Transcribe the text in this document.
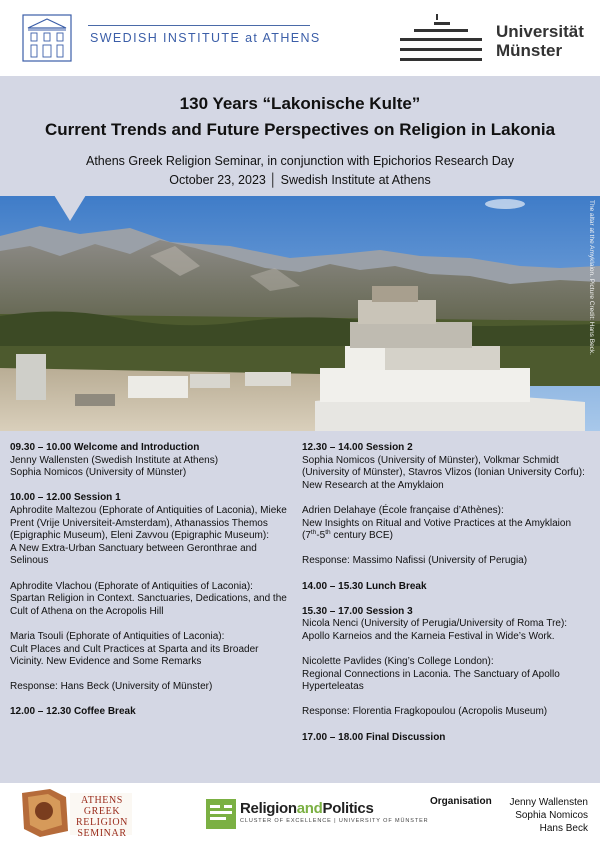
SWEDISH INSTITUTE at ATHENS	Universität
Münster
130 Years “Lakonische Kulte”
Current Trends and Future Perspectives on Religion in Lakonia
Athens Greek Religion Seminar, in conjunction with Epichorios Research Day
October 23, 2023 │ Swedish Institute at Athens
The altar at the Amyklaion. Picture Credit: Hans Beck.
09.30 – 10.00 Welcome and Introduction

Jenny Wallensten (Swedish Institute at Athens)
Sophia Nomicos (University of Münster)

10.00 – 12.00 Session 1

Aphrodite Maltezou (Ephorate of Antiquities of Laconia), Mieke Prent (Vrije Universiteit-Amsterdam), Athanassios Themos (Epigraphic Museum), Eleni Zavvou (Epigraphic Museum):
A New Extra-Urban Sanctuary between Geronthrae and Selinous

Aphrodite Vlachou (Ephorate of Antiquities of Laconia):
Spartan Religion in Context. Sanctuaries, Dedications, and the Cult of Athena on the Acropolis Hill

Maria Tsouli (Ephorate of Antiquities of Laconia):
Cult Places and Cult Practices at Sparta and its Broader Vicinity. New Evidence and Some Remarks

Response: Hans Beck (University of Münster)

12.00 – 12.30 Coffee Break
12.30 – 14.00 Session 2

Sophia Nomicos (University of Münster), Volkmar Schmidt (University of Münster), Stavros Vlizos (Ionian University Corfu):
New Research at the Amyklaion

Adrien Delahaye (École française d’Athènes):
New Insights on Ritual and Votive Practices at the Amyklaion

(7th-5th century BCE)

Response: Massimo Nafissi (University of Perugia)

14.00 – 15.30 Lunch Break
15.30 – 17.00 Session 3

Nicola Nenci (University of Perugia/University of Roma Tre):
Apollo Karneios and the Karneia Festival in Wide’s Work.

Nicolette Pavlides (King’s College London):
Regional Connections in Laconia. The Sanctuary of Apollo Hyperteleatas

Response: Florentia Fragkopoulou (Acropolis Museum)

17.00 – 18.00 Final Discussion
ATHENS
GREEK
RELIGION
SEMINAR
ReligionandPolitics
CLUSTER OF EXCELLENCE | UNIVERSITY OF MÜNSTER
Organisation	Jenny Wallensten
Sophia Nomicos
Hans Beck
